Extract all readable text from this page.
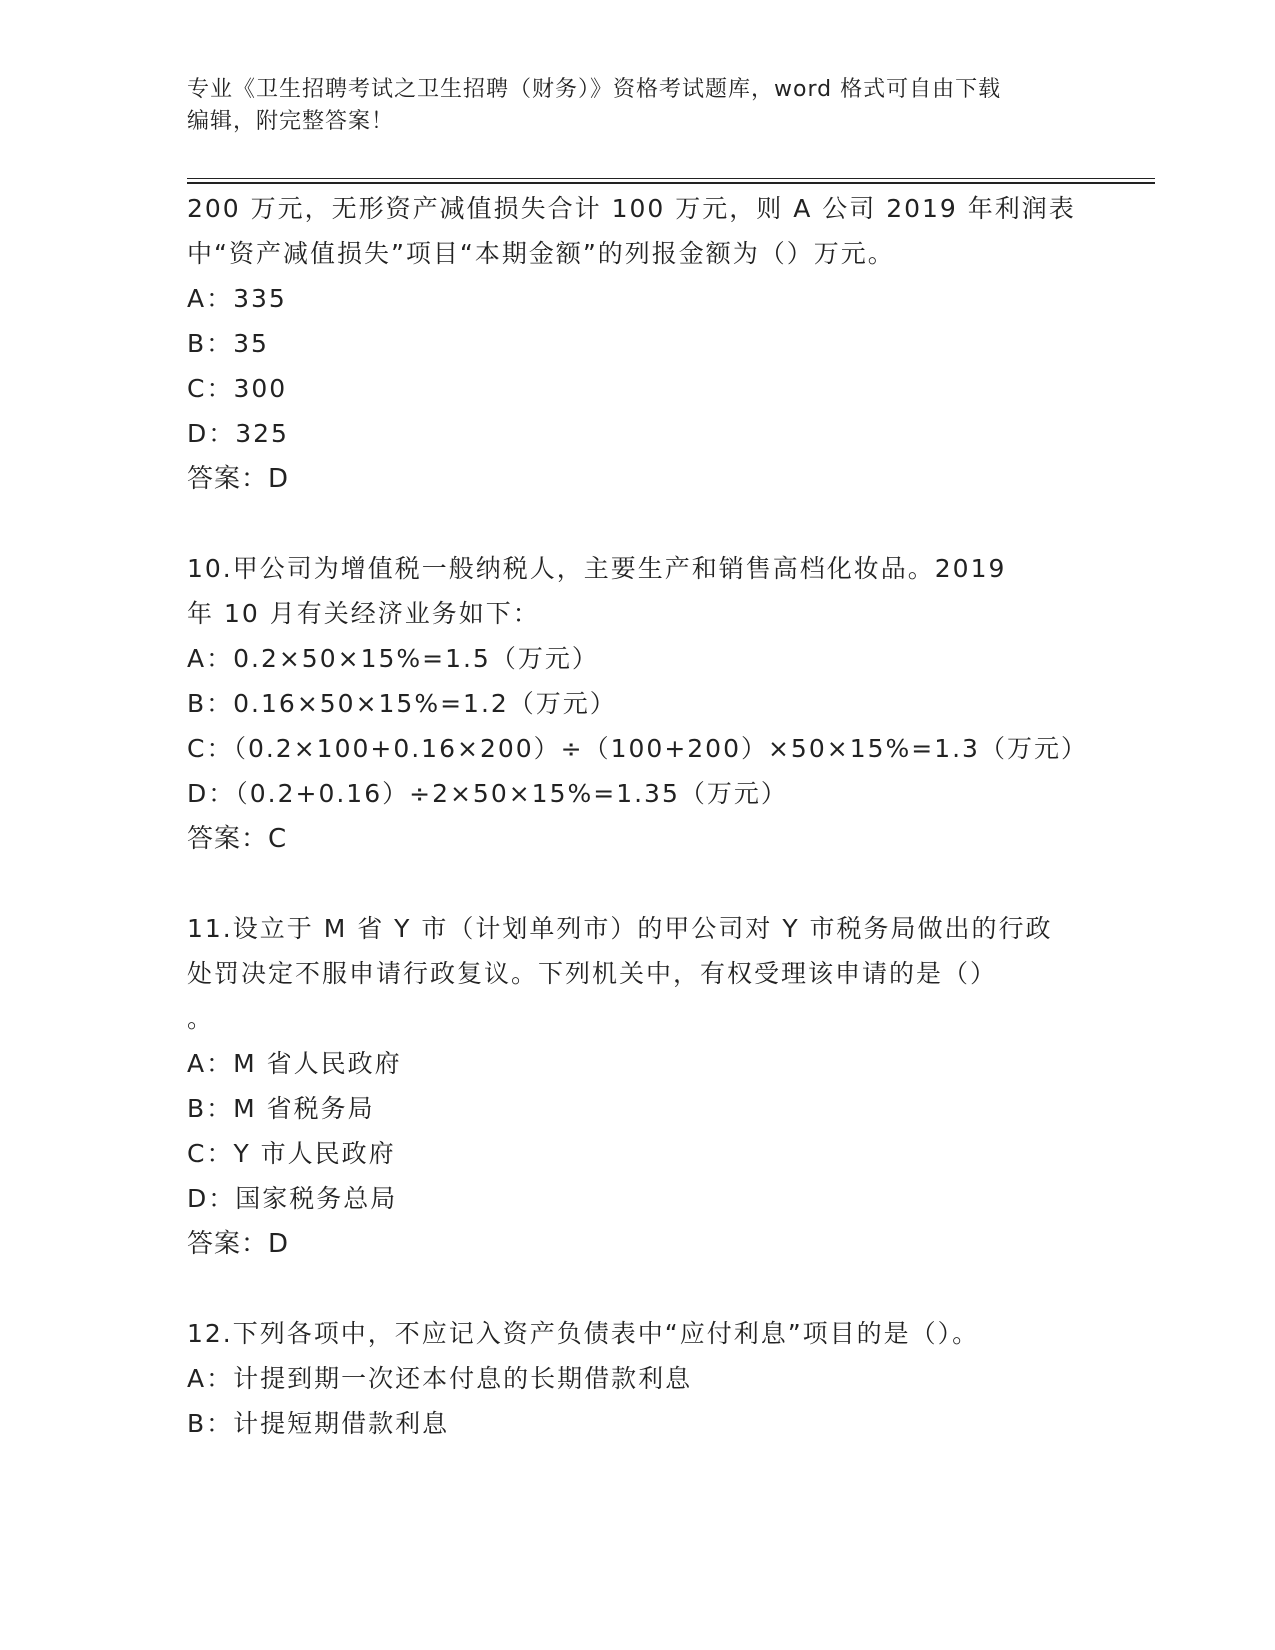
专业《卫生招聘考试之卫生招聘（财务）》资格考试题库，word 格式可自由下载
编辑，附完整答案！
200 万元，无形资产减值损失合计 100 万元，则 A 公司 2019 年利润表
中“资产减值损失”项目“本期金额”的列报金额为（）万元。
A：335
B：35
C：300
D：325
答案：D
10.甲公司为增值税一般纳税人，主要生产和销售高档化妆品。2019
年 10 月有关经济业务如下：
A：0.2×50×15%=1.5（万元）
B：0.16×50×15%=1.2（万元）
C：（0.2×100+0.16×200）÷（100+200）×50×15%=1.3（万元）
D：（0.2+0.16）÷2×50×15%=1.35（万元）
答案：C
11.设立于 M 省 Y 市（计划单列市）的甲公司对 Y 市税务局做出的行政
处罚决定不服申请行政复议。下列机关中，有权受理该申请的是（）
。
A：M 省人民政府
B：M 省税务局
C：Y 市人民政府
D：国家税务总局
答案：D
12.下列各项中，不应记入资产负债表中“应付利息”项目的是（）。
A：计提到期一次还本付息的长期借款利息
B：计提短期借款利息
